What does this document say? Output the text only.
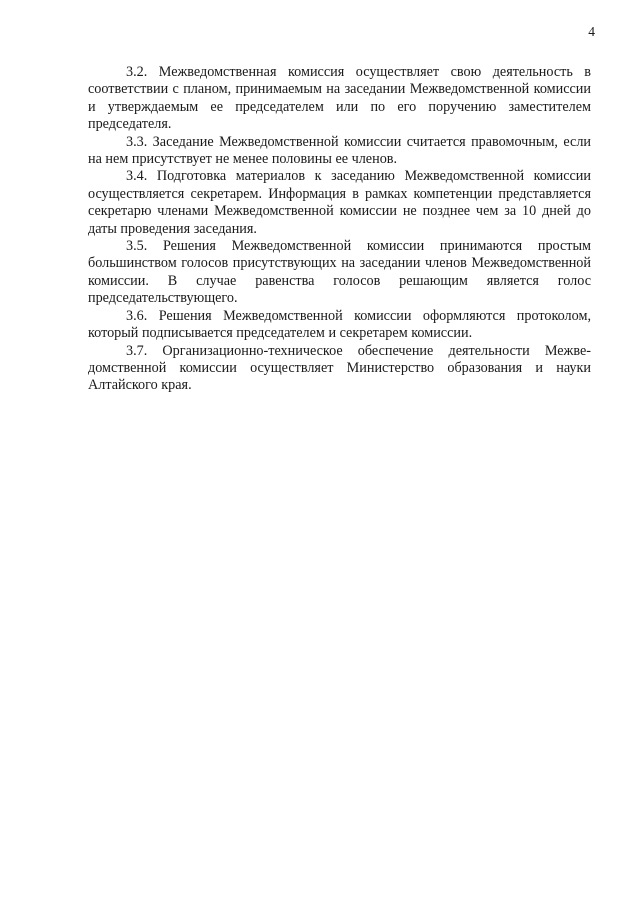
4

3.2. Межведомственная комиссия осуществляет свою деятельность в соответствии с планом, принимаемым на заседании Межведомственной комиссии и утверждаемым ее председателем или по его поручению заместителем председателя.

3.3. Заседание Межведомственной комиссии считается правомочным, если на нем присутствует не менее половины ее членов.

3.4. Подготовка материалов к заседанию Межведомственной комиссии осуществляется секретарем. Информация в рамках компетенции представляется секретарю членами Межведомственной комиссии не позднее чем за 10 дней до даты проведения заседания.

3.5. Решения Межведомственной комиссии принимаются простым большинством голосов присутствующих на заседании членов Межведомственной комиссии. В случае равенства голосов решающим является голос председательствующего.

3.6. Решения Межведомственной комиссии оформляются протоколом, который подписывается председателем и секретарем комиссии.

3.7. Организационно-техническое обеспечение деятельности Межве-домственной комиссии осуществляет Министерство образования и науки Алтайского края.
